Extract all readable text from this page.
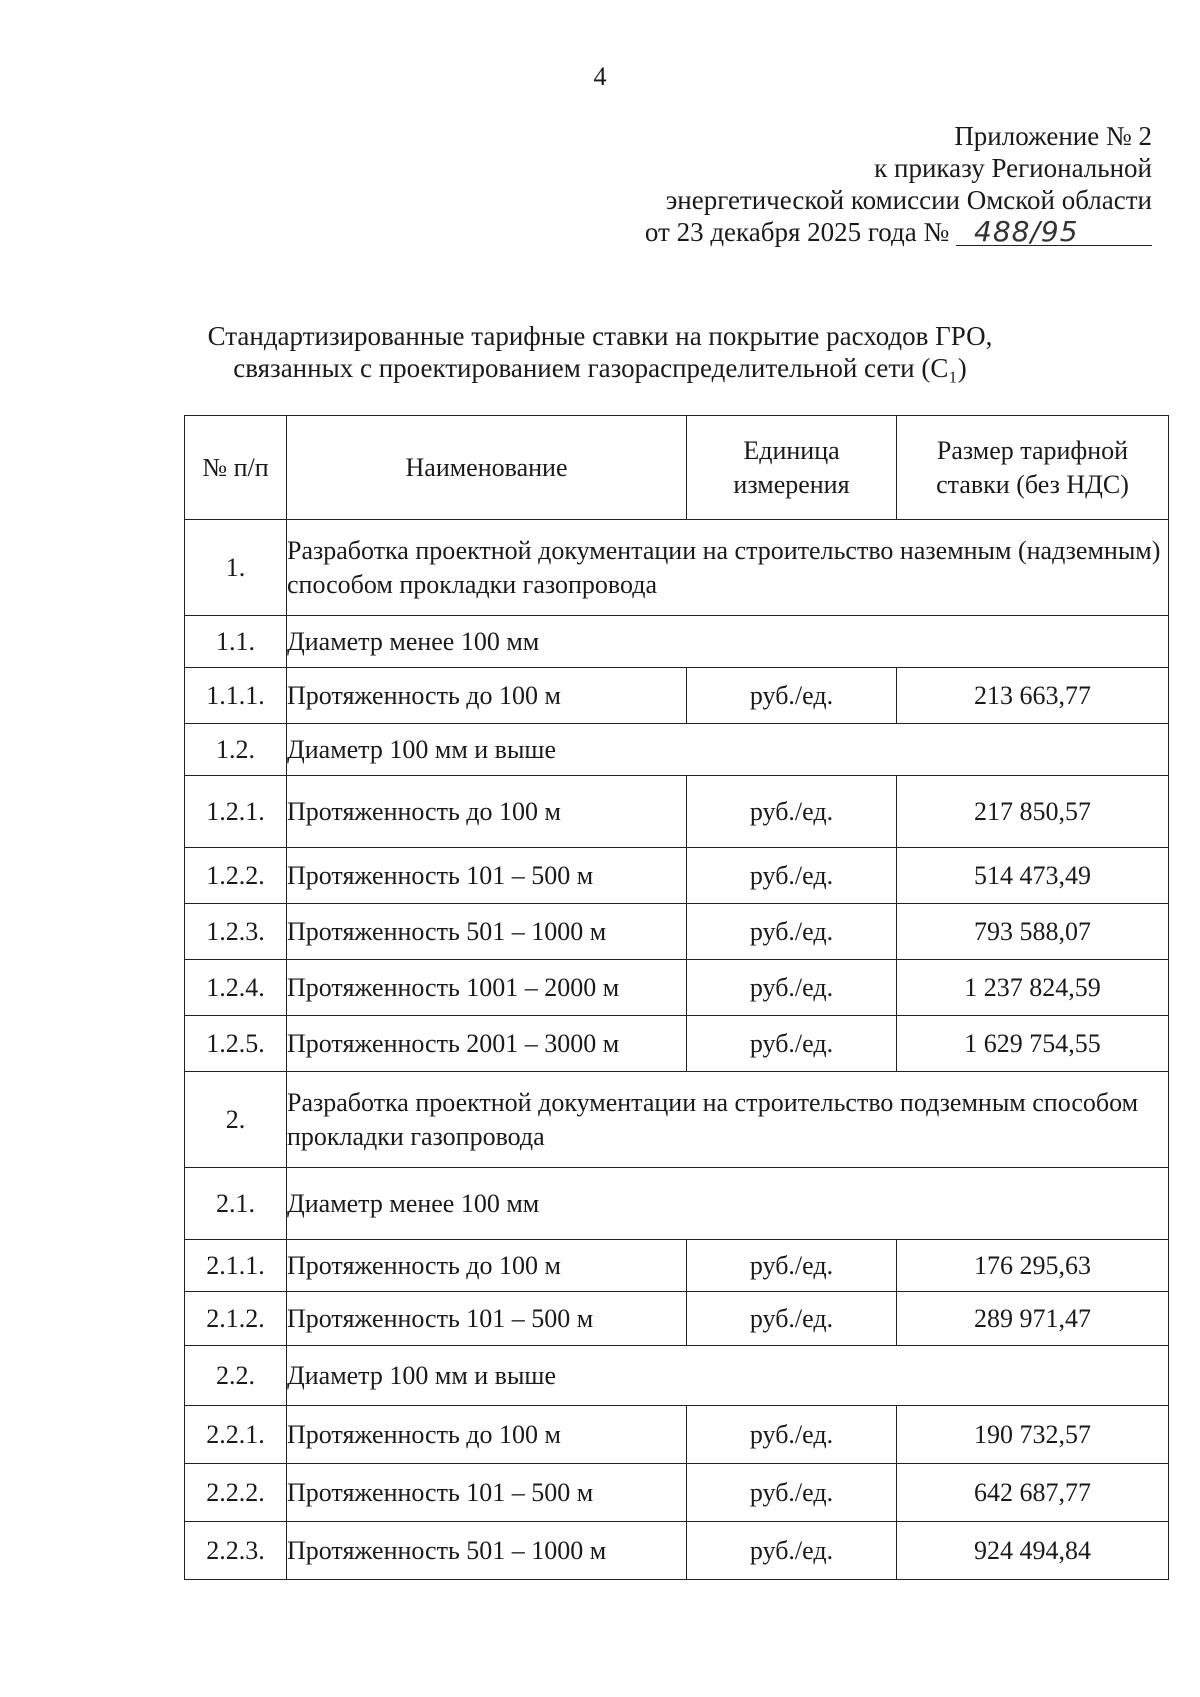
4
Приложение № 2
к приказу Региональной
энергетической комиссии Омской области
от 23 декабря 2025 года № 488/95
Стандартизированные тарифные ставки на покрытие расходов ГРО,
связанных с проектированием газораспределительной сети (С₁)
№ п/п	Наименование	Единица измерения	Размер тарифной ставки (без НДС)
1.	Разработка проектной документации на строительство наземным (надземным) способом прокладки газопровода		
1.1.	Диаметр менее 100 мм		
1.1.1.	Протяженность до 100 м	руб./ед.	213 663,77
1.2.	Диаметр 100 мм и выше		
1.2.1.	Протяженность до 100 м	руб./ед.	217 850,57
1.2.2.	Протяженность 101 – 500 м	руб./ед.	514 473,49
1.2.3.	Протяженность 501 – 1000 м	руб./ед.	793 588,07
1.2.4.	Протяженность 1001 – 2000 м	руб./ед.	1 237 824,59
1.2.5.	Протяженность 2001 – 3000 м	руб./ед.	1 629 754,55
2.	Разработка проектной документации на строительство подземным способом прокладки газопровода		
2.1.	Диаметр менее 100 мм		
2.1.1.	Протяженность до 100 м	руб./ед.	176 295,63
2.1.2.	Протяженность 101 – 500 м	руб./ед.	289 971,47
2.2.	Диаметр 100 мм и выше		
2.2.1.	Протяженность до 100 м	руб./ед.	190 732,57
2.2.2.	Протяженность 101 – 500 м	руб./ед.	642 687,77
2.2.3.	Протяженность 501 – 1000 м	руб./ед.	924 494,84
